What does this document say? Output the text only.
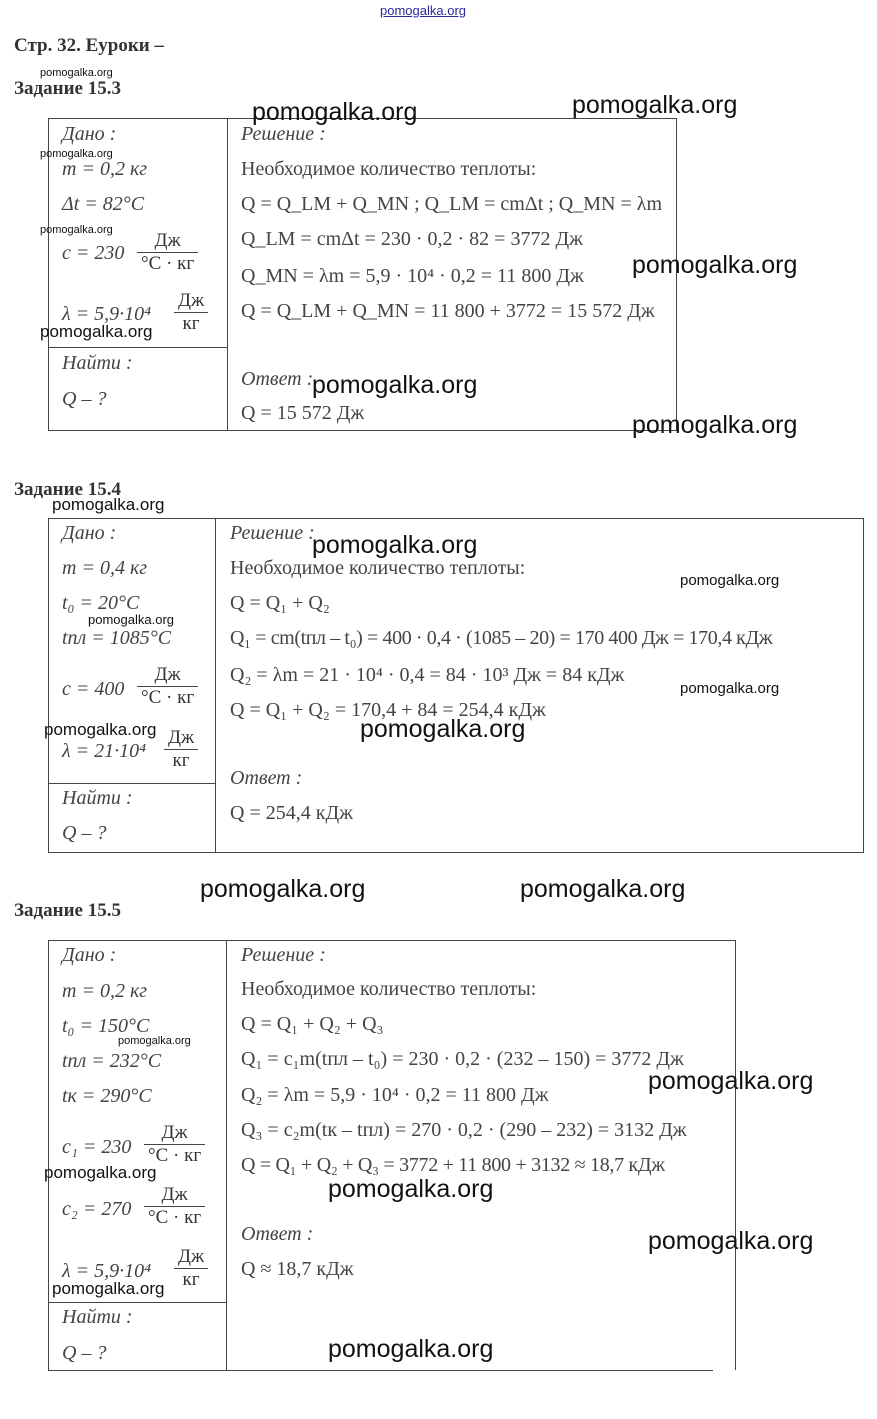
pomogalka.org
Стр. 32. Еуроки –
Задание 15.3
Дано :
m = 0,2 кг
Δt = 82°C
c = 230
Дж
°C · кг
λ = 5,9·10⁴
Дж
кг
Найти :
Q – ?
Решение :
Необходимое количество теплоты:
Q = Q_LM + Q_MN ; Q_LM = cmΔt ; Q_MN = λm
Q_LM = cmΔt = 230 · 0,2 · 82 = 3772 Дж
Q_MN = λm = 5,9 · 10⁴ · 0,2 = 11 800 Дж
Q = Q_LM + Q_MN = 11 800 + 3772 = 15 572 Дж
Ответ :
Q = 15 572 Дж
Задание 15.4
Дано :
m = 0,4 кг
t₀ = 20°C
tпл = 1085°C
c = 400
Дж
°C · кг
λ = 21·10⁴
Дж
кг
Найти :
Q – ?
Решение :
Необходимое количество теплоты:
Q = Q₁ + Q₂
Q₁ = cm(tпл – t₀) = 400 · 0,4 · (1085 – 20) = 170 400 Дж = 170,4 кДж
Q₂ = λm = 21 · 10⁴ · 0,4 = 84 · 10³ Дж = 84 кДж
Q = Q₁ + Q₂ = 170,4 + 84 = 254,4 кДж
Ответ :
Q = 254,4 кДж
Задание 15.5
Дано :
m = 0,2 кг
t₀ = 150°C
tпл = 232°C
tк = 290°C
c₁ = 230
Дж
°C · кг
c₂ = 270
Дж
°C · кг
λ = 5,9·10⁴
Дж
кг
Найти :
Q – ?
Решение :
Необходимое количество теплоты:
Q = Q₁ + Q₂ + Q₃
Q₁ = c₁m(tпл – t₀) = 230 · 0,2 · (232 – 150) = 3772 Дж
Q₂ = λm = 5,9 · 10⁴ · 0,2 = 11 800 Дж
Q₃ = c₂m(tк – tпл) = 270 · 0,2 · (290 – 232) = 3132 Дж
Q = Q₁ + Q₂ + Q₃ = 3772 + 11 800 + 3132 ≈ 18,7 кДж
Ответ :
Q ≈ 18,7 кДж
pomogalka.org
pomogalka.org	pomogalka.org
pomogalka.org
pomogalka.org
pomogalka.org
pomogalka.org
pomogalka.org
pomogalka.org
pomogalka.org
pomogalka.org
pomogalka.org
pomogalka.org
pomogalka.org
pomogalka.org	pomogalka.org
pomogalka.org	pomogalka.org
pomogalka.org
pomogalka.org
pomogalka.org
pomogalka.org
pomogalka.org
pomogalka.org
pomogalka.org
